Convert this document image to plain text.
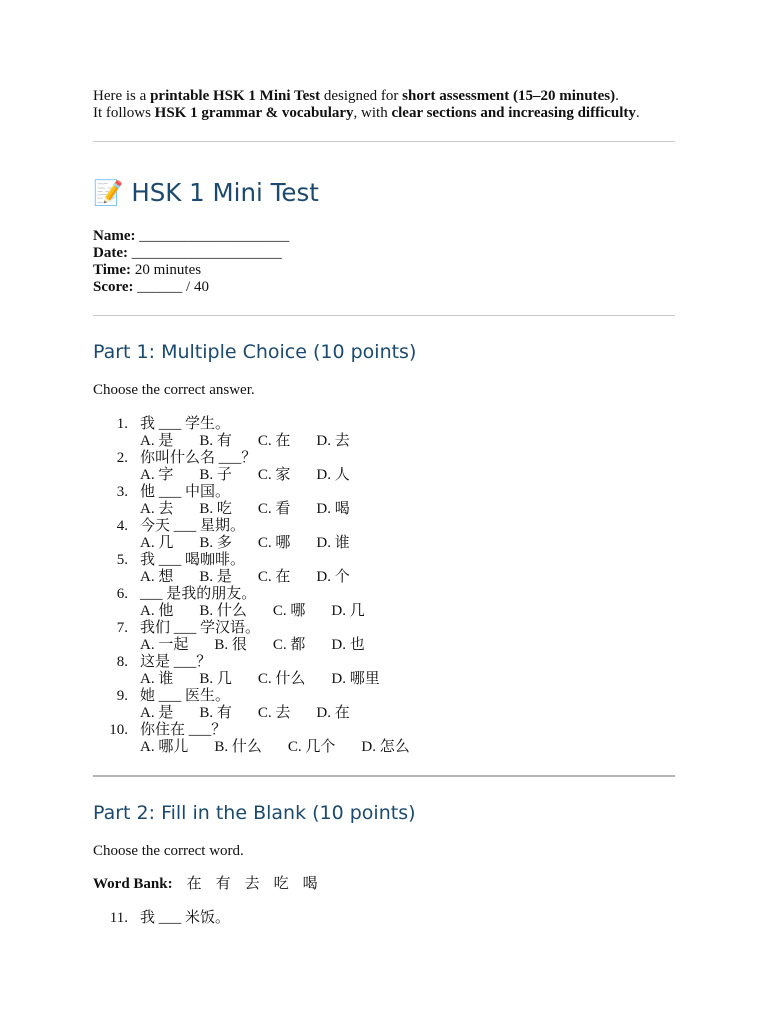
Here is a printable HSK 1 Mini Test designed for short assessment (15–20 minutes).
It follows HSK 1 grammar & vocabulary, with clear sections and increasing difficulty.
📝 HSK 1 Mini Test
Name: ____________________
Date: ____________________
Time: 20 minutes
Score: ______ / 40
Part 1: Multiple Choice (10 points)
Choose the correct answer.
1. 我 ___ 学生。
A. 是 B. 有 C. 在 D. 去
2. 你叫什么名 ___？
A. 字 B. 子 C. 家 D. 人
3. 他 ___ 中国。
A. 去 B. 吃 C. 看 D. 喝
4. 今天 ___ 星期。
A. 几 B. 多 C. 哪 D. 谁
5. 我 ___ 喝咖啡。
A. 想 B. 是 C. 在 D. 个
6. ___ 是我的朋友。
A. 他 B. 什么 C. 哪 D. 几
7. 我们 ___ 学汉语。
A. 一起 B. 很 C. 都 D. 也
8. 这是 ___？
A. 谁 B. 几 C. 什么 D. 哪里
9. 她 ___ 医生。
A. 是 B. 有 C. 去 D. 在
10. 你住在 ___？
A. 哪儿 B. 什么 C. 几个 D. 怎么
Part 2: Fill in the Blank (10 points)
Choose the correct word.
Word Bank: 在 有 去 吃 喝
11. 我 ___ 米饭。
